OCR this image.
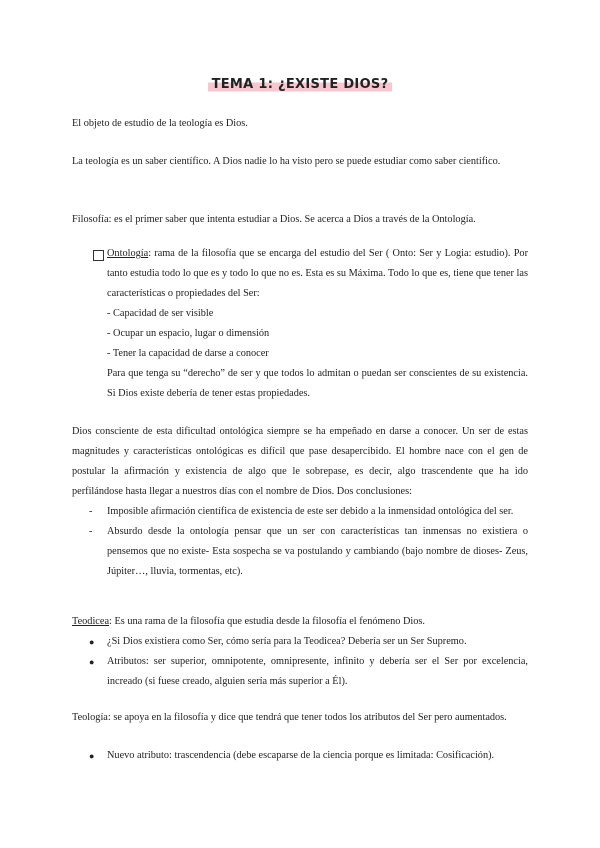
TEMA 1: ¿EXISTE DIOS?

El objeto de estudio de la teología es Dios.

La teología es un saber científico. A Dios nadie lo ha visto pero se puede estudiar como saber científico.

Filosofía: es el primer saber que intenta estudiar a Dios. Se acerca a Dios a través de la Ontología.

Ontología: rama de la filosofía que se encarga del estudio del Ser ( Onto: Ser y Logia: estudio). Por tanto estudia todo lo que es y todo lo que no es. Esta es su Máxima. Todo lo que es, tiene que tener las características o propiedades del Ser:

- Capacidad de ser visible

- Ocupar un espacio, lugar o dimensión

- Tener la capacidad de darse a conocer

Para que tenga su “derecho” de ser y que todos lo admitan o puedan ser conscientes de su existencia. Si Dios existe debería de tener estas propiedades.

Dios consciente de esta dificultad ontológica siempre se ha empeñado en darse a conocer. Un ser de estas magnitudes y características ontológicas es difícil que pase desapercibido. El hombre nace con el gen de postular la afirmación y existencia de algo que le sobrepase, es decir, algo trascendente que ha ido perfilándose hasta llegar a nuestros días con el nombre de Dios. Dos conclusiones:

- Imposible afirmación científica de existencia de este ser debido a la inmensidad ontológica del ser.
- Absurdo desde la ontología pensar que un ser con características tan inmensas no existiera o pensemos que no existe- Esta sospecha se va postulando y cambiando (bajo nombre de dioses- Zeus, Júpiter…, lluvia, tormentas, etc).

Teodicea: Es una rama de la filosofía que estudia desde la filosofía el fenómeno Dios.

● ¿Si Dios existiera como Ser, cómo sería para la Teodicea? Debería ser un Ser Supremo.
● Atributos: ser superior, omnipotente, omnipresente, infinito y debería ser el Ser por excelencia, increado (si fuese creado, alguien sería más superior a Él).

Teología: se apoya en la filosofía y dice que tendrá que tener todos los atributos del Ser pero aumentados.

● Nuevo atributo: trascendencia (debe escaparse de la ciencia porque es limitada: Cosificación).
